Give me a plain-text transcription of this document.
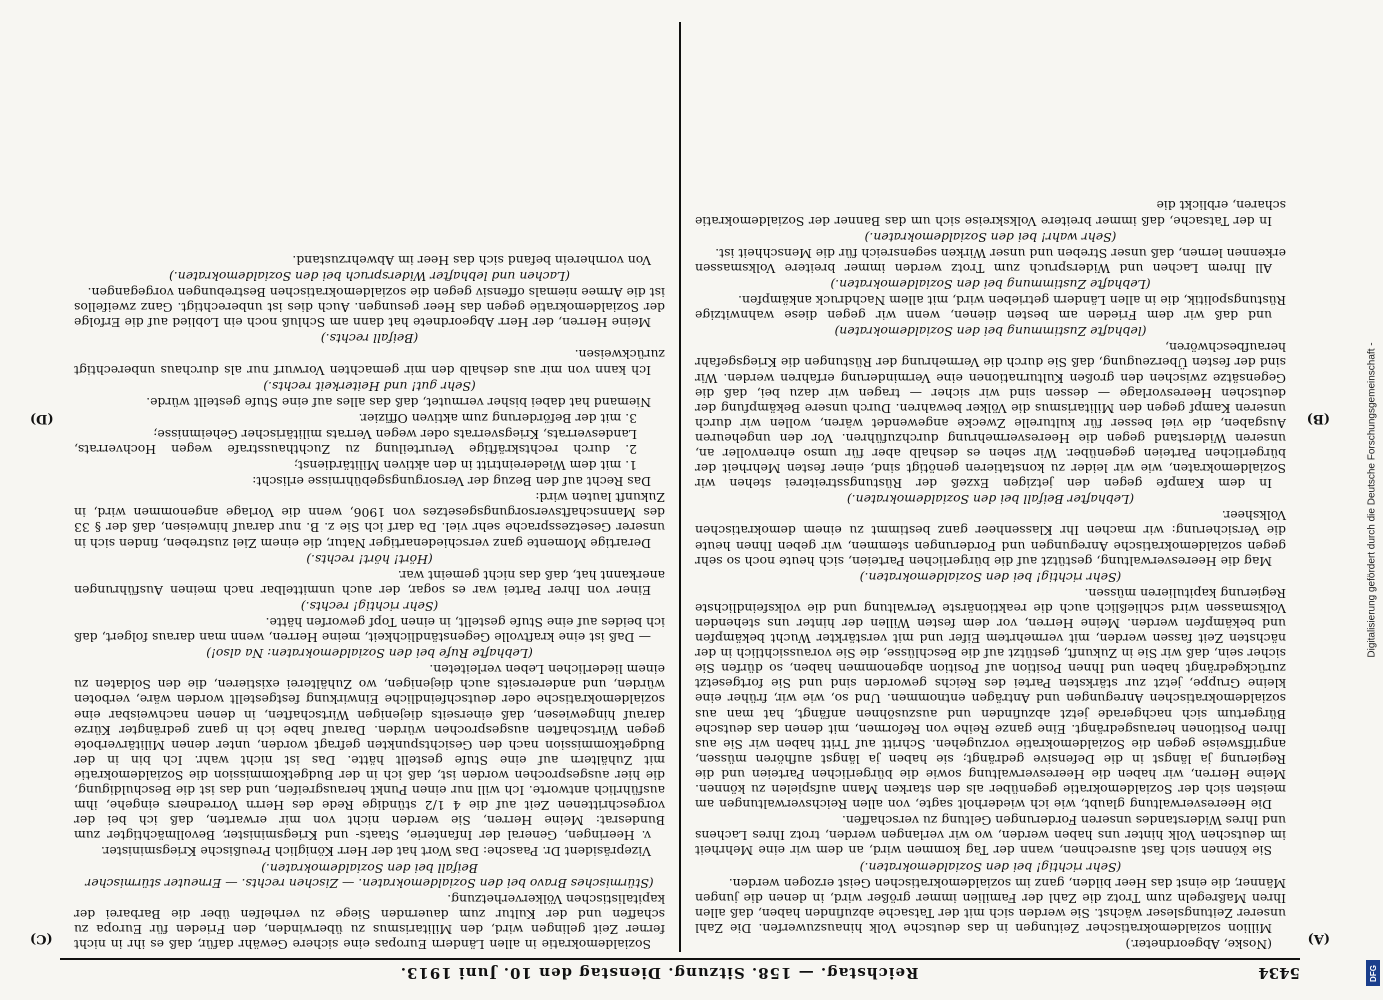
5434
Reichstag. — 158. Sitzung. Dienstag den 10. Juni 1913.

(Noske, Abgeordneter.)

Million sozialdemokratischer Zeitungen in das deutsche Volk hinauszuwerfen. Die Zahl unserer Zeitungsleser wächst. Sie werden sich mit der Tatsache abzufinden haben, daß allen Ihren Maßregeln zum Trotz die Zahl der Familien immer größer wird, in denen die jungen Männer, die einst das Heer bilden, ganz im sozialdemokratischen Geist erzogen werden.

(Sehr richtig! bei den Sozialdemokraten.)

Sie können sich fast ausrechnen, wann der Tag kommen wird, an dem wir eine Mehrheit im deutschen Volk hinter uns haben werden, wo wir verlangen werden, trotz Ihres Lachens und Ihres Widerstandes unseren Forderungen Geltung zu verschaffen.

Die Heeresverwaltung glaubt, wie ich wiederholt sagte, von allen Reichsverwaltungen am meisten sich der Sozialdemokratie gegenüber als den starken Mann aufspielen zu können. Meine Herren, wir haben die Heeresverwaltung sowie die bürgerlichen Parteien und die Regierung ja längst in die Defensive gedrängt; sie haben ja längst aufhören müssen, angriffsweise gegen die Sozialdemokratie vorzugehen. Schritt auf Tritt haben wir Sie aus Ihren Positionen herausgedrängt. Eine ganze Reihe von Reformen, mit denen das deutsche Bürgertum sich nachgerade jetzt abzufinden und auszusöhnen anfängt, hat man aus sozialdemokratischen Anregungen und Anträgen entnommen. Und so, wie wir, früher eine kleine Gruppe, jetzt zur stärksten Partei des Reichs geworden sind und Sie fortgesetzt zurückgedrängt haben und Ihnen Position auf Position abgenommen haben, so dürfen Sie sicher sein, daß wir Sie in Zukunft, gestützt auf die Beschlüsse, die Sie voraussichtlich in der nächsten Zeit fassen werden, mit vermehrtem Eifer und mit verstärkter Wucht bekämpfen und bekämpfen werden. Meine Herren, vor dem festen Willen der hinter uns stehenden Volksmassen wird schließlich auch die reaktionärste Verwaltung und die volksfeindlichste Regierung kapitulieren müssen.

(Sehr richtig! bei den Sozialdemokraten.)

Mag die Heeresverwaltung, gestützt auf die bürgerlichen Parteien, sich heute noch so sehr gegen sozialdemokratische Anregungen und Forderungen stemmen, wir geben Ihnen heute die Versicherung: wir machen Ihr Klassenheer ganz bestimmt zu einem demokratischen Volksheer.

(Lebhafter Beifall bei den Sozialdemokraten.)

In dem Kampfe gegen den jetzigen Exzeß der Rüstungsstreiterei stehen wir Sozialdemokraten, wie wir leider zu konstatieren genötigt sind, einer festen Mehrheit der bürgerlichen Parteien gegenüber. Wir sehen es deshalb aber für umso ehrenvoller an, unseren Widerstand gegen die Heeresvermehrung durchzuführen. Vor den ungeheuren Ausgaben, die viel besser für kulturelle Zwecke angewendet wären, wollen wir durch unseren Kampf gegen den Militarismus die Völker bewahren. Durch unsere Bekämpfung der deutschen Heeresvorlage — dessen sind wir sicher — tragen wir dazu bei, daß die Gegensätze zwischen den großen Kulturnationen eine Verminderung erfahren werden. Wir sind der festen Überzeugung, daß Sie durch die Vermehrung der Rüstungen die Kriegsgefahr heraufbeschwören,

(lebhafte Zustimmung bei den Sozialdemokraten)

und daß wir dem Frieden am besten dienen, wenn wir gegen diese wahnwitzige Rüstungspolitik, die in allen Ländern getrieben wird, mit allem Nachdruck ankämpfen.

(Lebhafte Zustimmung bei den Sozialdemokraten.)

All Ihrem Lachen und Widerspruch zum Trotz werden immer breitere Volksmassen erkennen lernen, daß unser Streben und unser Wirken segensreich für die Menschheit ist.

(Sehr wahr! bei den Sozialdemokraten.)

In der Tatsache, daß immer breitere Volkskreise sich um das Banner der Sozialdemokratie scharen, erblickt die

Sozialdemokratie in allen Ländern Europas eine sichere Gewähr dafür, daß es ihr in nicht ferner Zeit gelingen wird, den Militarismus zu überwinden, den Frieden für Europa zu schaffen und der Kultur zum dauernden Siege zu verhelfen über die Barbarei der kapitalistischen Völkerverhetzung.

(Stürmisches Bravo bei den Sozialdemokraten. — Zischen rechts. — Erneuter stürmischer Beifall bei den Sozialdemokraten.)

Vizepräsident Dr. Paasche: Das Wort hat der Herr Königlich Preußische Kriegsminister.

v. Heeringen, General der Infanterie, Staats- und Kriegsminister, Bevollmächtigter zum Bundesrat: Meine Herren, Sie werden nicht von mir erwarten, daß ich bei der vorgeschrittenen Zeit auf die 4 1/2 stündige Rede des Herrn Vorredners eingehe, ihm ausführlich antworte. Ich will nur einen Punkt herausgreifen, und das ist die Beschuldigung, die hier ausgesprochen worden ist, daß ich in der Budgetkommission die Sozialdemokratie mit Zuhältern auf eine Stufe gestellt hätte. Das ist nicht wahr. Ich bin in der Budgetkommission nach den Gesichtspunkten gefragt worden, unter denen Militärverbote gegen Wirtschaften ausgesprochen würden. Darauf habe ich in ganz gedrängter Kürze darauf hingewiesen, daß einerseits diejenigen Wirtschaften, in denen nachweisbar eine sozialdemokratische oder deutschfeindliche Einwirkung festgestellt worden wäre, verboten würden, und andererseits auch diejenigen, wo Zuhälterei existieren, die den Soldaten zu einem liederlichen Leben verleiteten.

(Lebhafte Rufe bei den Sozialdemokraten: Na also!)

— Daß ist eine kraftvolle Gegenständlichkeit, meine Herren, wenn man daraus folgert, daß ich beides auf eine Stufe gestellt, in einen Topf geworfen hätte.

(Sehr richtig! rechts.)

Einer von Ihrer Partei war es sogar, der auch unmittelbar nach meinen Ausführungen anerkannt hat, daß das nicht gemeint war.

(Hört! hört! rechts.)

Derartige Momente ganz verschiedenartiger Natur, die einem Ziel zustreben, finden sich in unserer Gesetzessprache sehr viel. Da darf ich Sie z. B. nur darauf hinweisen, daß der § 33 des Mannschaftsversorgungsgesetzes von 1906, wenn die Vorlage angenommen wird, in Zukunft lauten wird:

Das Recht auf den Bezug der Versorgungsgebührnisse erlischt:

1. mit dem Wiedereintritt in den aktiven Militärdienst;

2. durch rechtskräftige Verurteilung zu Zuchthausstrafe wegen Hochverrats, Landesverrats, Kriegsverrats oder wegen Verrats militärischer Geheimnisse;

3. mit der Beförderung zum aktiven Offizier.

Niemand hat dabei bisher vermutet, daß das alles auf eine Stufe gestellt würde.

(Sehr gut! und Heiterkeit rechts.)

Ich kann von mir aus deshalb den mir gemachten Vorwurf nur als durchaus unberechtigt zurückweisen.

(Beifall rechts.)

Meine Herren, der Herr Abgeordnete hat dann am Schluß noch ein Loblied auf die Erfolge der Sozialdemokratie gegen das Heer gesungen. Auch dies ist unberechtigt. Ganz zweifellos ist die Armee niemals offensiv gegen die sozialdemokratischen Bestrebungen vorgegangen.

(Lachen und lebhafter Widerspruch bei den Sozialdemokraten.)

Von vornherein befand sich das Heer im Abwehrzustand.

(A)
(B)
(C)
(D)	Digitalisierung gefördert durch die Deutsche Forschungsgemeinschaft -
DFG
